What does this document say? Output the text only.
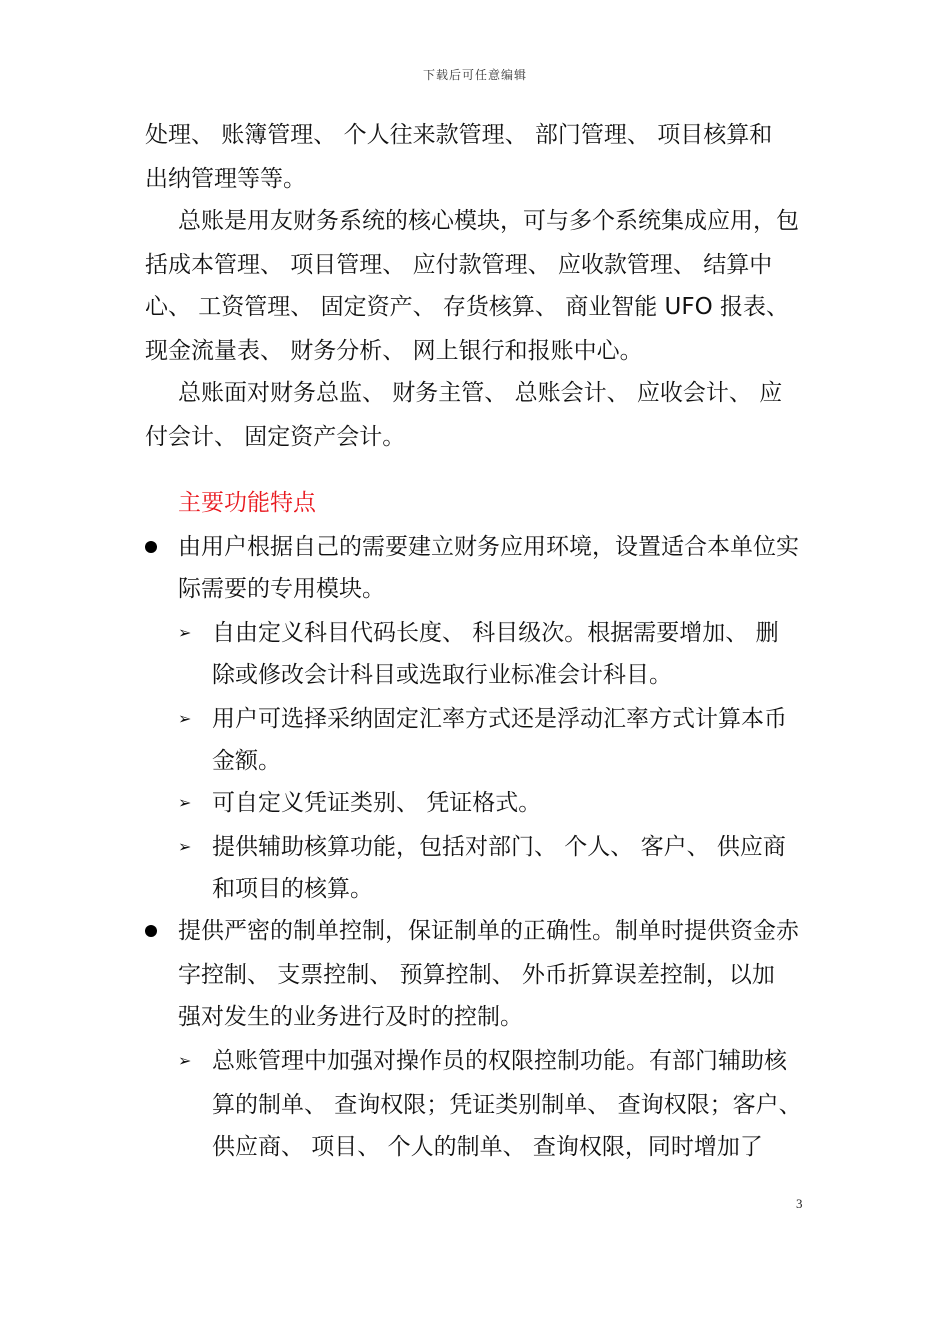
下载后可任意编辑
处理、 账簿管理、 个人往来款管理、 部门管理、 项目核算和
出纳管理等等。
总账是用友财务系统的核心模块，可与多个系统集成应用，包
括成本管理、 项目管理、 应付款管理、 应收款管理、 结算中
心、 工资管理、 固定资产、 存货核算、 商业智能 UFO 报表、
现金流量表、 财务分析、 网上银行和报账中心。
总账面对财务总监、 财务主管、 总账会计、 应收会计、 应
付会计、 固定资产会计。
主要功能特点
由用户根据自己的需要建立财务应用环境，设置适合本单位实
际需要的专用模块。
➢ 自由定义科目代码长度、 科目级次。根据需要增加、 删
除或修改会计科目或选取行业标准会计科目。
➢ 用户可选择采纳固定汇率方式还是浮动汇率方式计算本币
金额。
➢ 可自定义凭证类别、 凭证格式。
➢ 提供辅助核算功能，包括对部门、 个人、 客户、 供应商
和项目的核算。
提供严密的制单控制，保证制单的正确性。制单时提供资金赤
字控制、 支票控制、 预算控制、 外币折算误差控制，以加
强对发生的业务进行及时的控制。
➢ 总账管理中加强对操作员的权限控制功能。有部门辅助核
算的制单、 查询权限；凭证类别制单、 查询权限；客户、
供应商、 项目、 个人的制单、 查询权限，同时增加了
3
